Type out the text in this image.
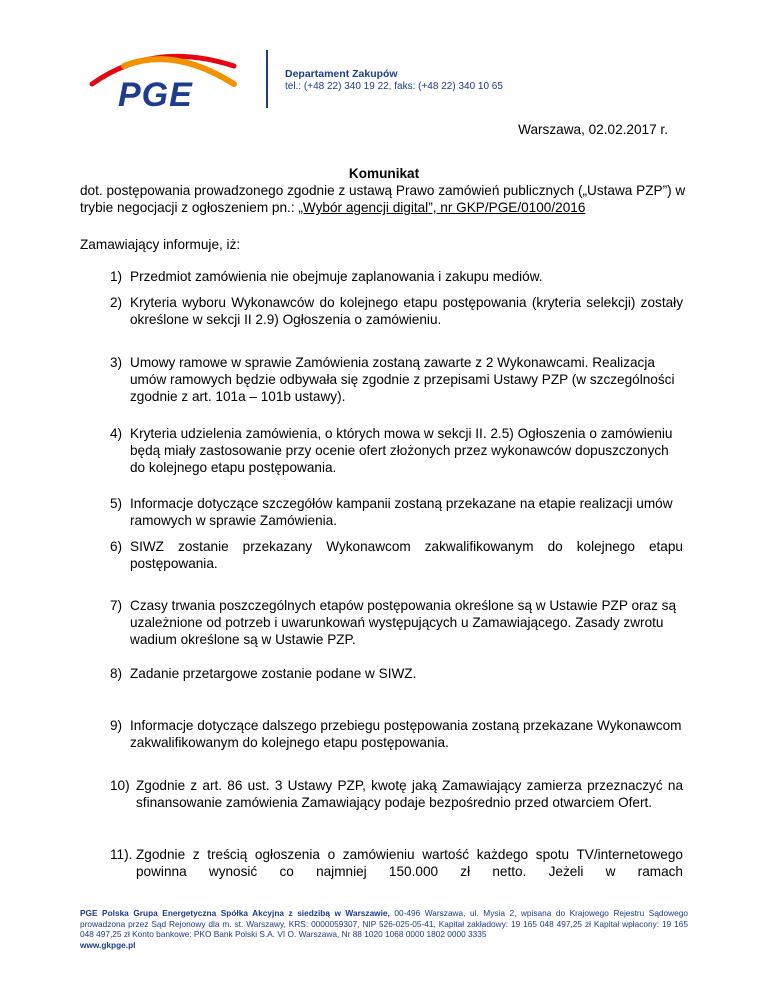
PGE
Departament Zakupów
tel.: (+48 22) 340 19 22, faks: (+48 22) 340 10 65
Warszawa, 02.02.2017 r.
Komunikat
dot. postępowania prowadzonego zgodnie z ustawą Prawo zamówień publicznych („Ustawa PZP”) w trybie negocjacji z ogłoszeniem pn.: „Wybór agencji digital”, nr GKP/PGE/0100/2016
Zamawiający informuje, iż:
1) Przedmiot zamówienia nie obejmuje zaplanowania i zakupu mediów.
2) Kryteria wyboru Wykonawców do kolejnego etapu postępowania (kryteria selekcji) zostały określone w sekcji II 2.9) Ogłoszenia o zamówieniu.
3) Umowy ramowe w sprawie Zamówienia zostaną zawarte z 2 Wykonawcami. Realizacja umów ramowych będzie odbywała się zgodnie z przepisami Ustawy PZP (w szczególności zgodnie z art. 101a – 101b ustawy).
4) Kryteria udzielenia zamówienia, o których mowa w sekcji II. 2.5) Ogłoszenia o zamówieniu będą miały zastosowanie przy ocenie ofert złożonych przez wykonawców dopuszczonych do kolejnego etapu postępowania.
5) Informacje dotyczące szczegółów kampanii zostaną przekazane na etapie realizacji umów ramowych w sprawie Zamówienia.
6) SIWZ zostanie przekazany Wykonawcom zakwalifikowanym do kolejnego etapu postępowania.
7) Czasy trwania poszczególnych etapów postępowania określone są w Ustawie PZP oraz są uzależnione od potrzeb i uwarunkowań występujących u Zamawiającego. Zasady zwrotu wadium określone są w Ustawie PZP.
8) Zadanie przetargowe zostanie podane w SIWZ.
9) Informacje dotyczące dalszego przebiegu postępowania zostaną przekazane Wykonawcom zakwalifikowanym do kolejnego etapu postępowania.
10) Zgodnie z art. 86 ust. 3 Ustawy PZP, kwotę jaką Zamawiający zamierza przeznaczyć na sfinansowanie zamówienia Zamawiający podaje bezpośrednio przed otwarciem Ofert.
11). Zgodnie z treścią ogłoszenia o zamówieniu wartość każdego spotu TV/internetowego powinna wynosić co najmniej 150.000 zł netto. Jeżeli w ramach
PGE Polska Grupa Energetyczna Spółka Akcyjna z siedzibą w Warszawie, 00-496 Warszawa, ul. Mysia 2, wpisana do Krajowego Rejestru Sądowego prowadzona przez Sąd Rejonowy dla m. st. Warszawy, KRS: 0000059307, NIP 526-025-05-41, Kapitał zakładowy: 19 165 048 497,25 zł Kapitał wpłacony: 19 165 048 497,25 zł Konto bankowe: PKO Bank Polski S.A. VI O. Warszawa, Nr 88 1020 1068 0000 1802 0000 3335
www.gkpge.pl
